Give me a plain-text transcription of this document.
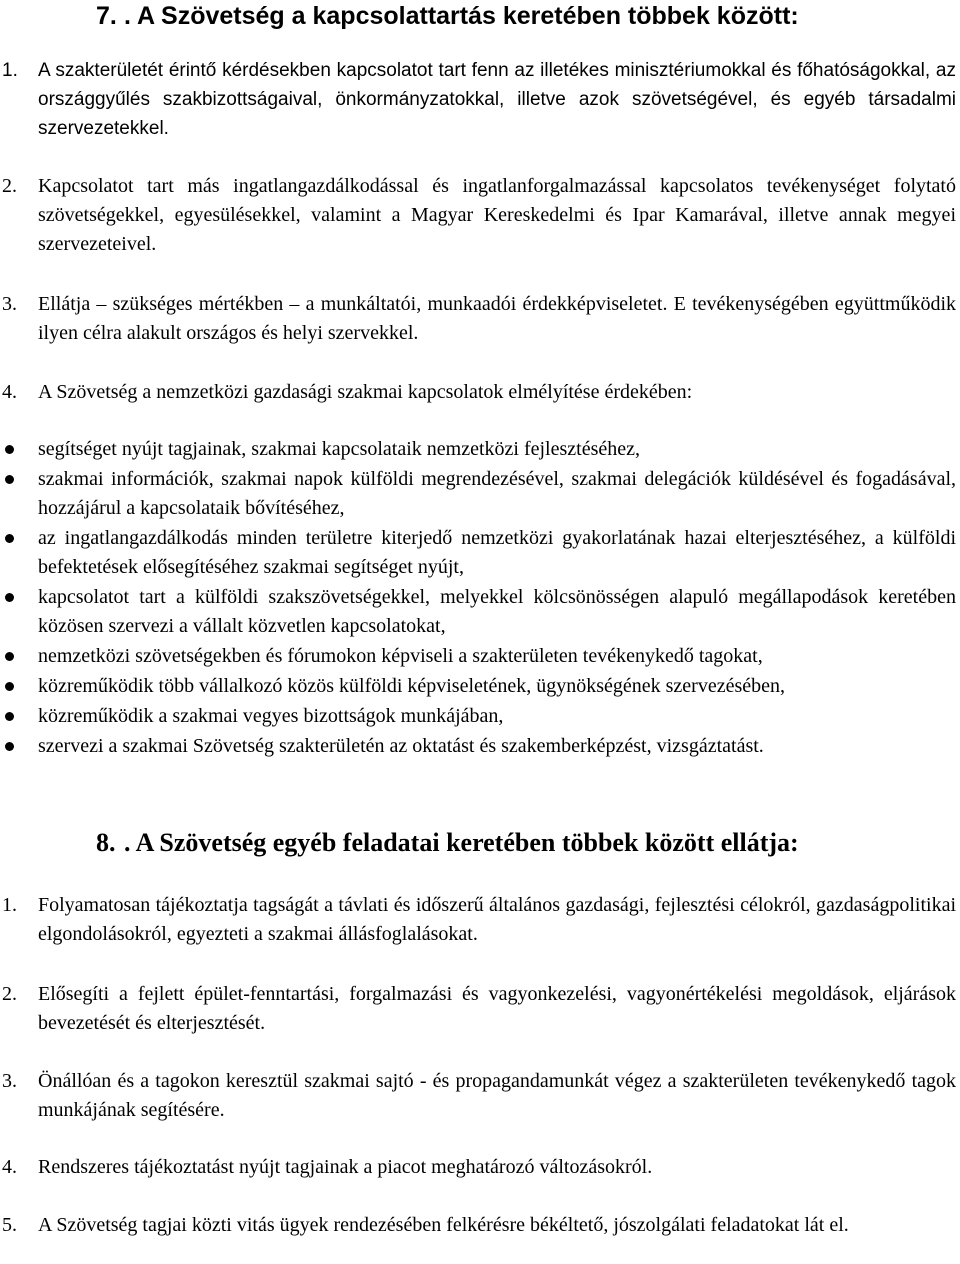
7. . A Szövetség a kapcsolattartás keretében többek között:
1. A szakterületét érintő kérdésekben kapcsolatot tart fenn az illetékes minisztériumokkal és főhatóságokkal, az országgyűlés szakbizottságaival, önkormányzatokkal, illetve azok szövetségével, és egyéb társadalmi szervezetekkel.
2. Kapcsolatot tart más ingatlangazdálkodással és ingatlanforgalmazással kapcsolatos tevékenységet folytató szövetségekkel, egyesülésekkel, valamint a Magyar Kereskedelmi és Ipar Kamarával, illetve annak megyei szervezeteivel.
3. Ellátja – szükséges mértékben – a munkáltatói, munkaadói érdekképviseletet. E tevékenységében együttműködik ilyen célra alakult országos és helyi szervekkel.
4. A Szövetség a nemzetközi gazdasági szakmai kapcsolatok elmélyítése érdekében:
segítséget nyújt tagjainak, szakmai kapcsolataik nemzetközi fejlesztéséhez,
szakmai információk, szakmai napok külföldi megrendezésével, szakmai delegációk küldésével és fogadásával, hozzájárul a kapcsolataik bővítéséhez,
az ingatlangazdálkodás minden területre kiterjedő nemzetközi gyakorlatának hazai elterjesztéséhez, a külföldi befektetések elősegítéséhez szakmai segítséget nyújt,
kapcsolatot tart a külföldi szakszövetségekkel, melyekkel kölcsönösségen alapuló megállapodások keretében közösen szervezi a vállalt közvetlen kapcsolatokat,
nemzetközi szövetségekben és fórumokon képviseli a szakterületen tevékenykedő tagokat,
közreműködik több vállalkozó közös külföldi képviseletének, ügynökségének szervezésében,
közreműködik a szakmai vegyes bizottságok munkájában,
szervezi a szakmai Szövetség szakterületén az oktatást és szakemberképzést, vizsgáztatást.
8. . A Szövetség egyéb feladatai keretében többek között ellátja:
1. Folyamatosan tájékoztatja tagságát a távlati és időszerű általános gazdasági, fejlesztési célokról, gazdaságpolitikai elgondolásokról, egyezteti a szakmai állásfoglalásokat.
2. Elősegíti a fejlett épület-fenntartási, forgalmazási és vagyonkezelési, vagyonértékelési megoldások, eljárások bevezetését és elterjesztését.
3. Önállóan és a tagokon keresztül szakmai sajtó - és propagandamunkát végez a szakterületen tevékenykedő tagok munkájának segítésére.
4. Rendszeres tájékoztatást nyújt tagjainak a piacot meghatározó változásokról.
5. A Szövetség tagjai közti vitás ügyek rendezésében felkérésre békéltető, jószolgálati feladatokat lát el.
